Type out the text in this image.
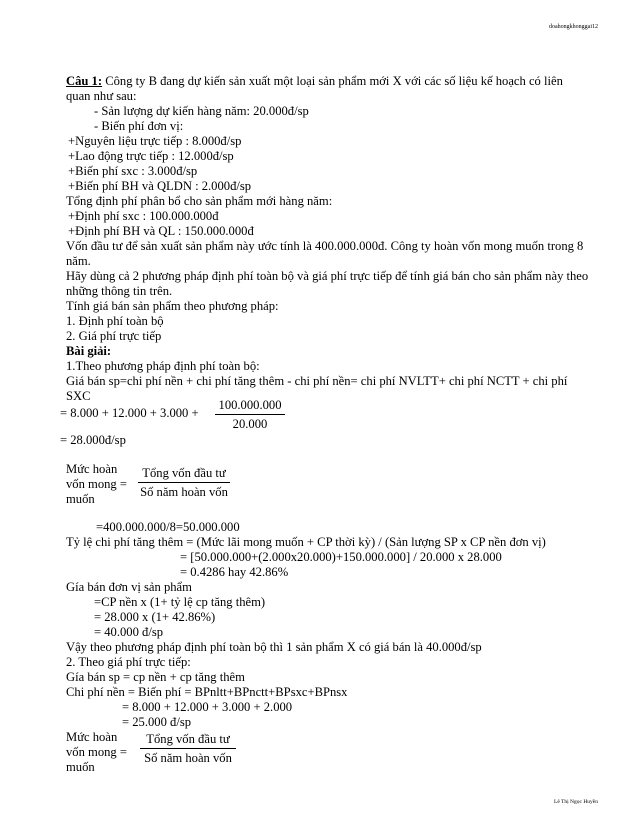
doahongkhonggai12
Câu 1: Công ty B đang dự kiến sản xuất một loại sản phẩm mới X với các số liệu kế hoạch có liên
quan như sau:
- Sản lượng dự kiến hàng năm: 20.000đ/sp
- Biến phí đơn vị:
+Nguyên liệu trực tiếp : 8.000đ/sp
+Lao động trực tiếp : 12.000đ/sp
+Biến phí sxc : 3.000đ/sp
+Biến phí BH và QLDN : 2.000đ/sp
Tổng định phí phân bổ cho sản phẩm mới hàng năm:
+Định phí sxc : 100.000.000đ
+Định phí BH và QL : 150.000.000đ
Vốn đầu tư để sản xuất sản phẩm này ước tính là 400.000.000đ. Công ty hoàn vốn mong muốn trong 8
năm.
Hãy dùng cả 2 phương pháp định phí toàn bộ và giá phí trực tiếp để tính giá bán cho sản phẩm này theo
những thông tin trên.
Tính giá bán sản phẩm theo phương pháp:
1. Định phí toàn bộ
2. Giá phí trực tiếp
Bài giải:
1.Theo phương pháp định phí toàn bộ:
Giá bán sp=chi phí nền + chi phí tăng thêm - chi phí nền= chi phí NVLTT+ chi phí NCTT + chi phí
SXC
= $8.000 + 12.000 + 3.000 + \frac{100.000.000}{20.000}$
= 28.000đ/sp
Mức hoàn
vốn mong =
muốn
Tổng vốn đầu tư
Số năm hoàn vốn
=400.000.000/8=50.000.000
Tỷ lệ chi phí tăng thêm = (Mức lãi mong muốn + CP thời kỳ) / (Sản lượng SP x CP nền đơn vị)
= [50.000.000+(2.000x20.000)+150.000.000] / 20.000 x 28.000
= 0.4286 hay 42.86%
Gía bán đơn vị sản phẩm
=CP nền x (1+ tỷ lệ cp tăng thêm)
= 28.000 x (1+ 42.86%)
= 40.000 đ/sp
Vậy theo phương pháp định phí toàn bộ thì 1 sản phẩm X có giá bán là 40.000đ/sp
2. Theo giá phí trực tiếp:
Gía bán sp = cp nền + cp tăng thêm
Chi phí nền = Biến phí = BPnltt+BPnctt+BPsxc+BPnsx
= 8.000 + 12.000 + 3.000 + 2.000
= 25.000 đ/sp
Mức hoàn
vốn mong =
muốn
Tổng vốn đầu tư
Số năm hoàn vốn
Lê Thị Ngọc Huyền
